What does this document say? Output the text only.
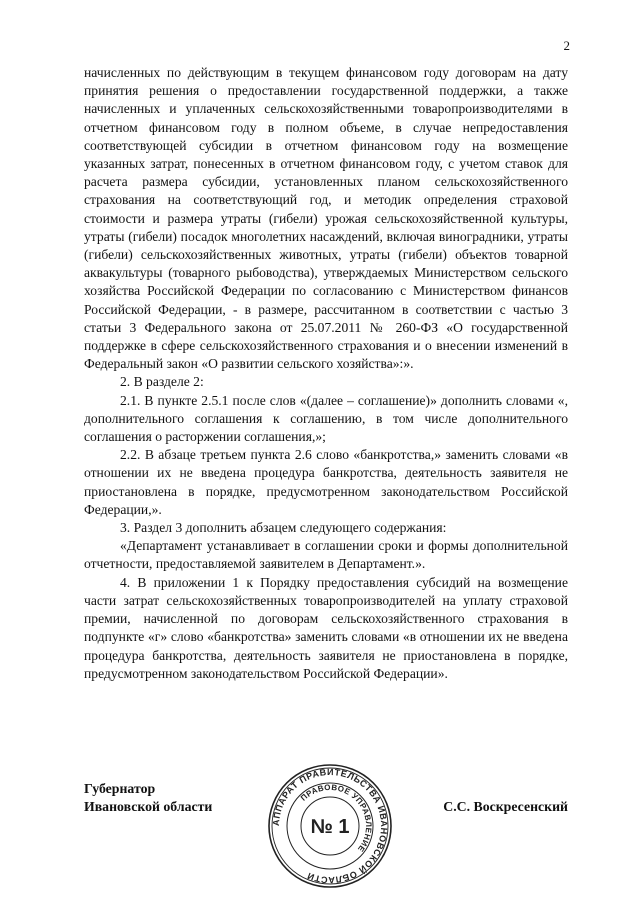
2

начисленных по действующим в текущем финансовом году договорам на дату принятия решения о предоставлении государственной поддержки, а также начисленных и уплаченных сельскохозяйственными товаропроизводителями в отчетном финансовом году в полном объеме, в случае непредоставления соответствующей субсидии в отчетном финансовом году на возмещение указанных затрат, понесенных в отчетном финансовом году, с учетом ставок для расчета размера субсидии, установленных планом сельскохозяйственного страхования на соответствующий год, и методик определения страховой стоимости и размера утраты (гибели) урожая сельскохозяйственной культуры, утраты (гибели) посадок многолетних насаждений, включая виноградники, утраты (гибели) сельскохозяйственных животных, утраты (гибели) объектов товарной аквакультуры (товарного рыбоводства), утверждаемых Министерством сельского хозяйства Российской Федерации по согласованию с Министерством финансов Российской Федерации, - в размере, рассчитанном в соответствии с частью 3 статьи 3 Федерального закона от 25.07.2011 № 260-ФЗ «О государственной поддержке в сфере сельскохозяйственного страхования и о внесении изменений в Федеральный закон «О развитии сельского хозяйства»:».

2. В разделе 2:

2.1. В пункте 2.5.1 после слов «(далее – соглашение)» дополнить словами «, дополнительного соглашения к соглашению, в том числе дополнительного соглашения о расторжении соглашения,»;

2.2. В абзаце третьем пункта 2.6 слово «банкротства,» заменить словами «в отношении их не введена процедура банкротства, деятельность заявителя не приостановлена в порядке, предусмотренном законодательством Российской Федерации,».

3. Раздел 3 дополнить абзацем следующего содержания:

«Департамент устанавливает в соглашении сроки и формы дополнительной отчетности, предоставляемой заявителем в Департамент.».

4. В приложении 1 к Порядку предоставления субсидий на возмещение части затрат сельскохозяйственных товаропроизводителей на уплату страховой премии, начисленной по договорам сельскохозяйственного страхования в подпункте «г» слово «банкротства» заменить словами «в отношении их не введена процедура банкротства, деятельность заявителя не приостановлена в порядке, предусмотренном законодательством Российской Федерации».

Губернатор
Ивановской области
АППАРАТ ПРАВИТЕЛЬСТВА ИВАНОВСКОЙ ОБЛАСТИ
ПРАВОВОЕ УПРАВЛЕНИЕ
№ 1
С.С. Воскресенский
